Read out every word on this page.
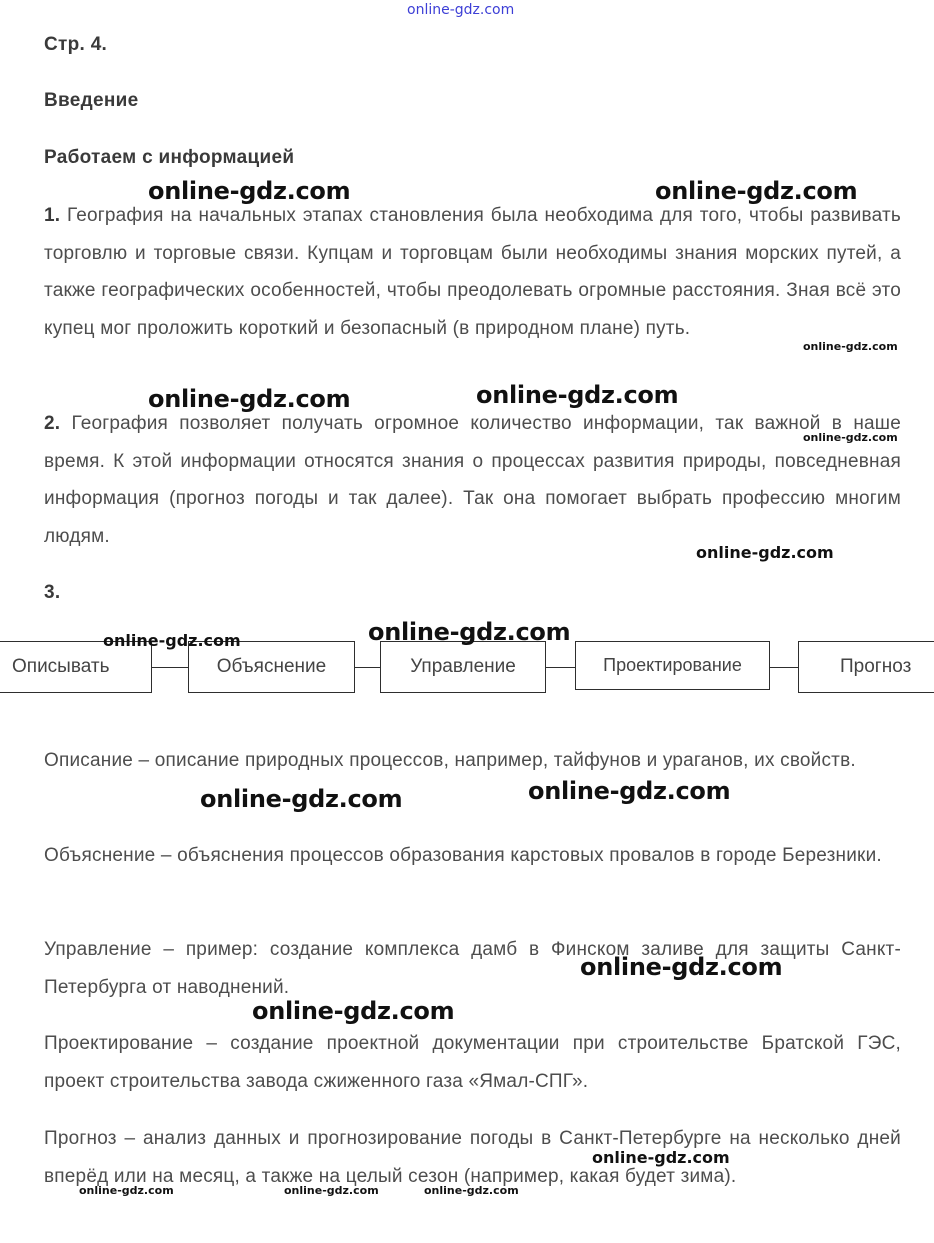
online-gdz.com
Стр. 4.
Введение
Работаем с информацией
1. География на начальных этапах становления была необходима для того, чтобы развивать торговлю и торговые связи. Купцам и торговцам были необходимы знания морских путей, а также географических особенностей, чтобы преодолевать огромные расстояния. Зная всё это купец мог проложить короткий и безопасный (в природном плане) путь.
2. География позволяет получать огромное количество информации, так важной в наше время. К этой информации относятся знания о процессах развития природы, повседневная информация (прогноз погоды и так далее). Так она помогает выбрать профессию многим людям.
3.
Описывать	Объяснение	Управление	Проектирование	Прогноз
Описание – описание природных процессов, например, тайфунов и ураганов, их свойств.
Объяснение – объяснения процессов образования карстовых провалов в городе Березники.
Управление – пример: создание комплекса дамб в Финском заливе для защиты Санкт-Петербурга от наводнений.
Проектирование – создание проектной документации при строительстве Братской ГЭС, проект строительства завода сжиженного газа «Ямал-СПГ».
Прогноз – анализ данных и прогнозирование погоды в Санкт-Петербурге на несколько дней вперёд или на месяц, а также на целый сезон (например, какая будет зима).
online-gdz.com	online-gdz.com
online-gdz.com
online-gdz.com	online-gdz.com
online-gdz.com
online-gdz.com
online-gdz.com	online-gdz.com
online-gdz.com	online-gdz.com
online-gdz.com
online-gdz.com
online-gdz.com
online-gdz.com	online-gdz.com	online-gdz.com
